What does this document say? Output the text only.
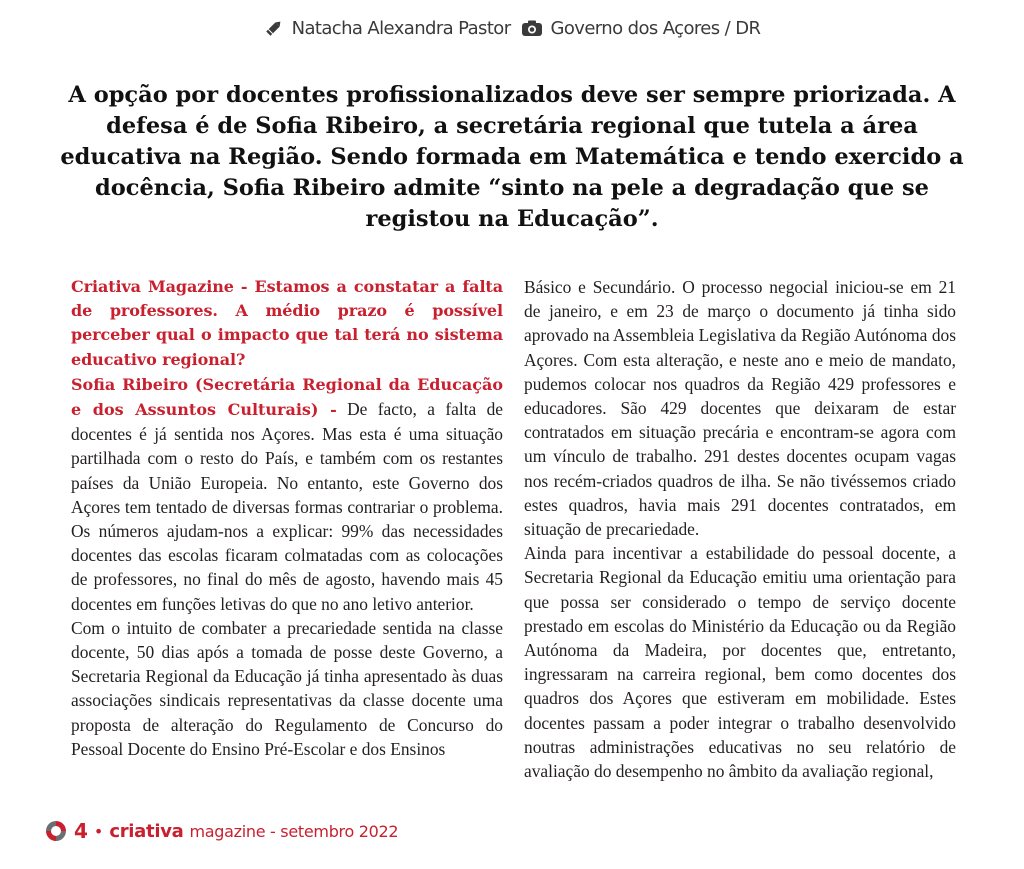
Natacha Alexandra Pastor Governo dos Açores / DR

A opção por docentes profissionalizados deve ser sempre priorizada. A defesa é de Sofia Ribeiro, a secretária regional que tutela a área educativa na Região. Sendo formada em Matemática e tendo exercido a docência, Sofia Ribeiro admite “sinto na pele a degradação que se registou na Educação”.

Criativa Magazine - Estamos a constatar a falta de professores. A médio prazo é possível perceber qual o impacto que tal terá no sistema educativo regional?

Sofia Ribeiro (Secretária Regional da Educação e dos Assuntos Culturais) - De facto, a falta de docentes é já sentida nos Açores. Mas esta é uma situação partilhada com o resto do País, e também com os restantes países da União Europeia. No entanto, este Governo dos Açores tem tentado de diversas formas contrariar o problema. Os números ajudam-nos a explicar: 99% das necessidades docentes das escolas ficaram colmatadas com as colocações de professores, no final do mês de agosto, havendo mais 45 docentes em funções letivas do que no ano letivo anterior.

Com o intuito de combater a precariedade sentida na classe docente, 50 dias após a tomada de posse deste Governo, a Secretaria Regional da Educação já tinha apresentado às duas associações sindicais representativas da classe docente uma proposta de alteração do Regulamento de Concurso do Pessoal Docente do Ensino Pré-Escolar e dos Ensinos

Básico e Secundário. O processo negocial iniciou-se em 21 de janeiro, e em 23 de março o documento já tinha sido aprovado na Assembleia Legislativa da Região Autónoma dos Açores. Com esta alteração, e neste ano e meio de mandato, pudemos colocar nos quadros da Região 429 professores e educadores. São 429 docentes que deixaram de estar contratados em situação precária e encontram-se agora com um vínculo de trabalho. 291 destes docentes ocupam vagas nos recém-criados quadros de ilha. Se não tivéssemos criado estes quadros, havia mais 291 docentes contratados, em situação de precariedade.

Ainda para incentivar a estabilidade do pessoal docente, a Secretaria Regional da Educação emitiu uma orientação para que possa ser considerado o tempo de serviço docente prestado em escolas do Ministério da Educação ou da Região Autónoma da Madeira, por docentes que, entretanto, ingressaram na carreira regional, bem como docentes dos quadros dos Açores que estiveram em mobilidade. Estes docentes passam a poder integrar o trabalho desenvolvido noutras administrações educativas no seu relatório de avaliação do desempenho no âmbito da avaliação regional,

4 • criativa magazine - setembro 2022
